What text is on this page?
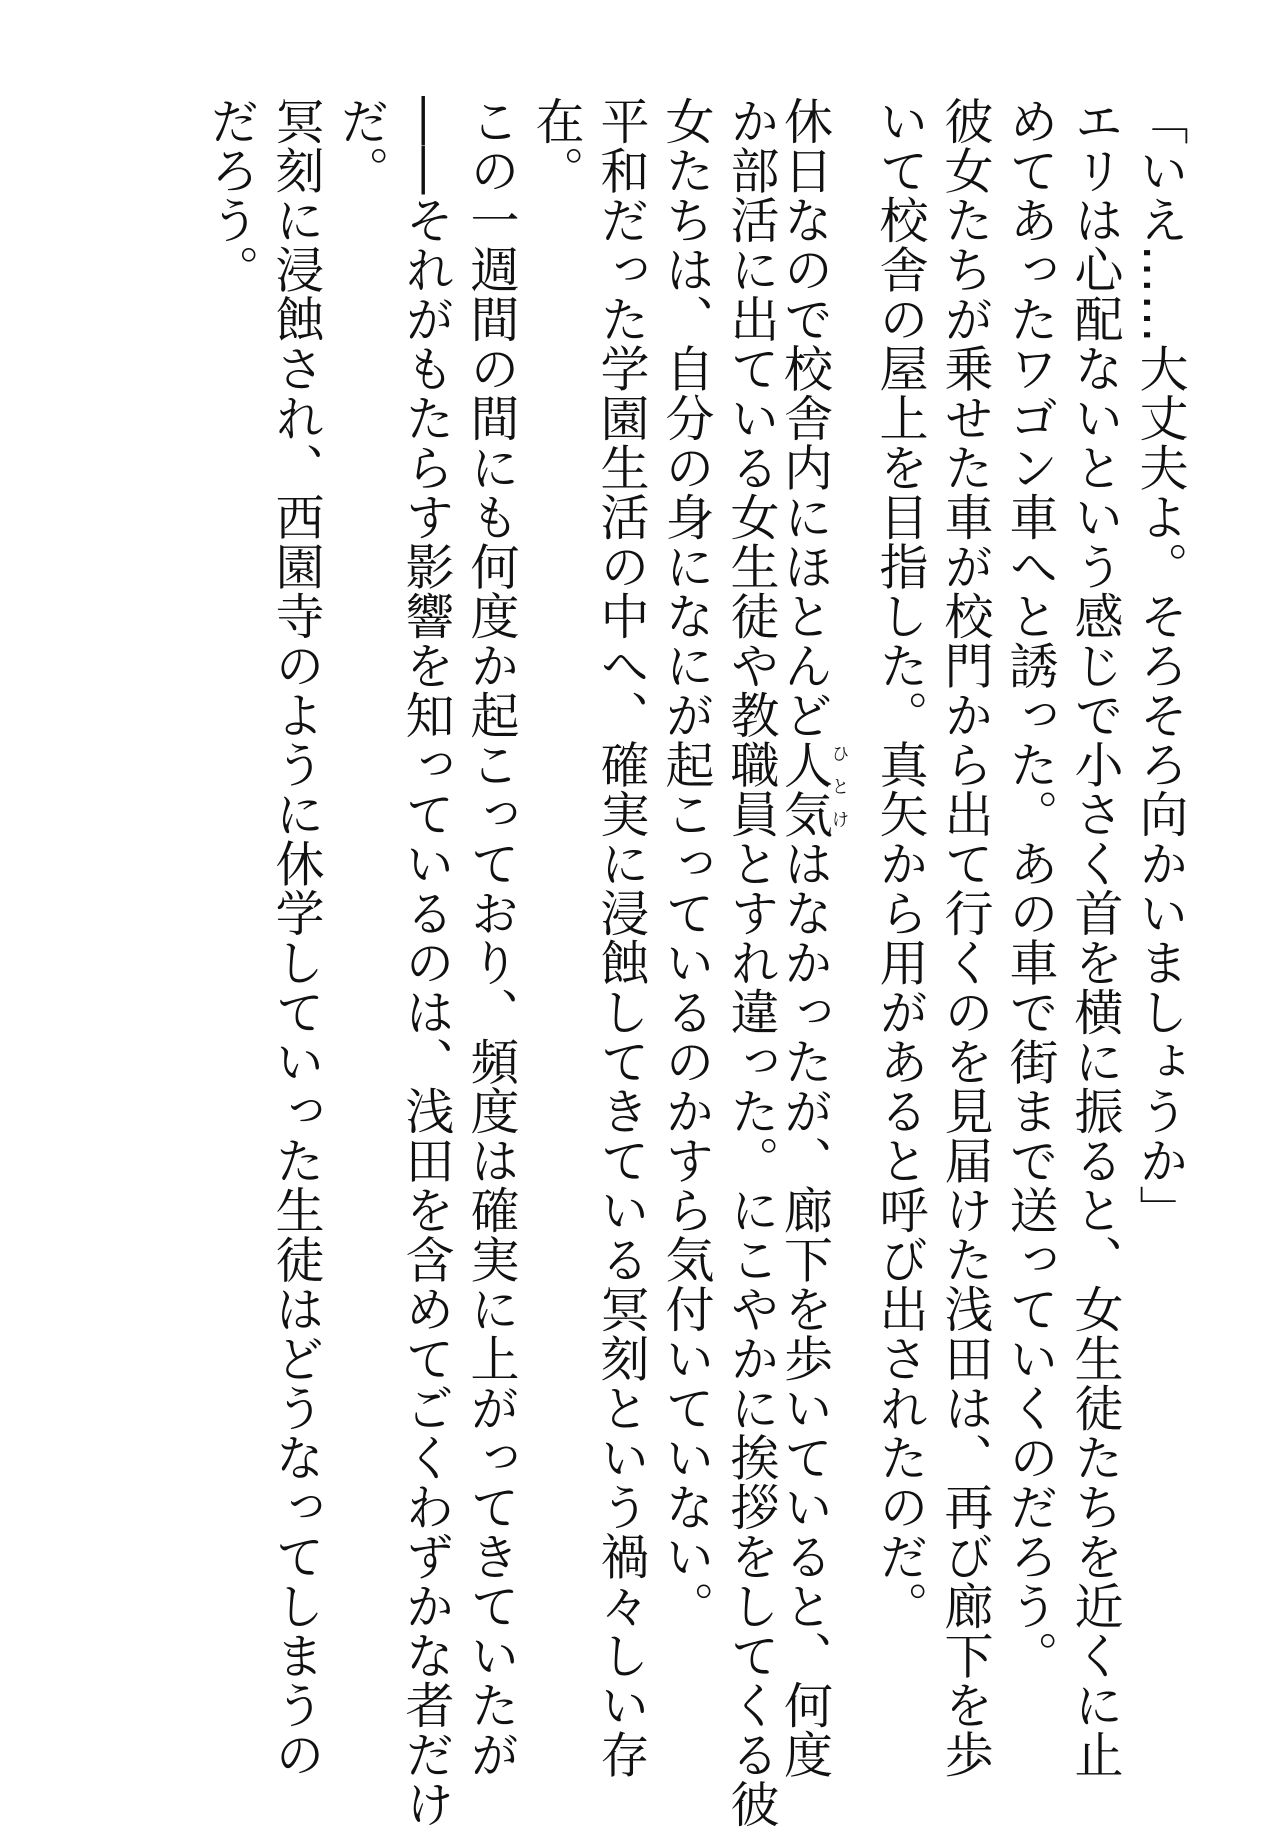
「いえ……大丈夫よ。そろそろ向かいましょうか」
エリは心配ないという感じで小さく首を横に振ると、女生徒たちを近くに止
めてあったワゴン車へと誘った。あの車で街まで送っていくのだろう。
彼女たちが乗せた車が校門から出て行くのを見届けた浅田は、再び廊下を歩
いて校舎の屋上を目指した。真矢から用があると呼び出されたのだ。
休日なので校舎内にほとんど人気ひとけはなかったが、廊下を歩いていると、何度
か部活に出ている女生徒や教職員とすれ違った。にこやかに挨拶をしてくる彼
女たちは、自分の身になにが起こっているのかすら気付いていない。
平和だった学園生活の中へ、確実に浸蝕してきている冥刻という禍々しい存
在。
この一週間の間にも何度か起こっており、頻度は確実に上がってきていたが
――それがもたらす影響を知っているのは、浅田を含めてごくわずかな者だけ
だ。
冥刻に浸蝕され、西園寺のように休学していった生徒はどうなってしまうの
だろう。
